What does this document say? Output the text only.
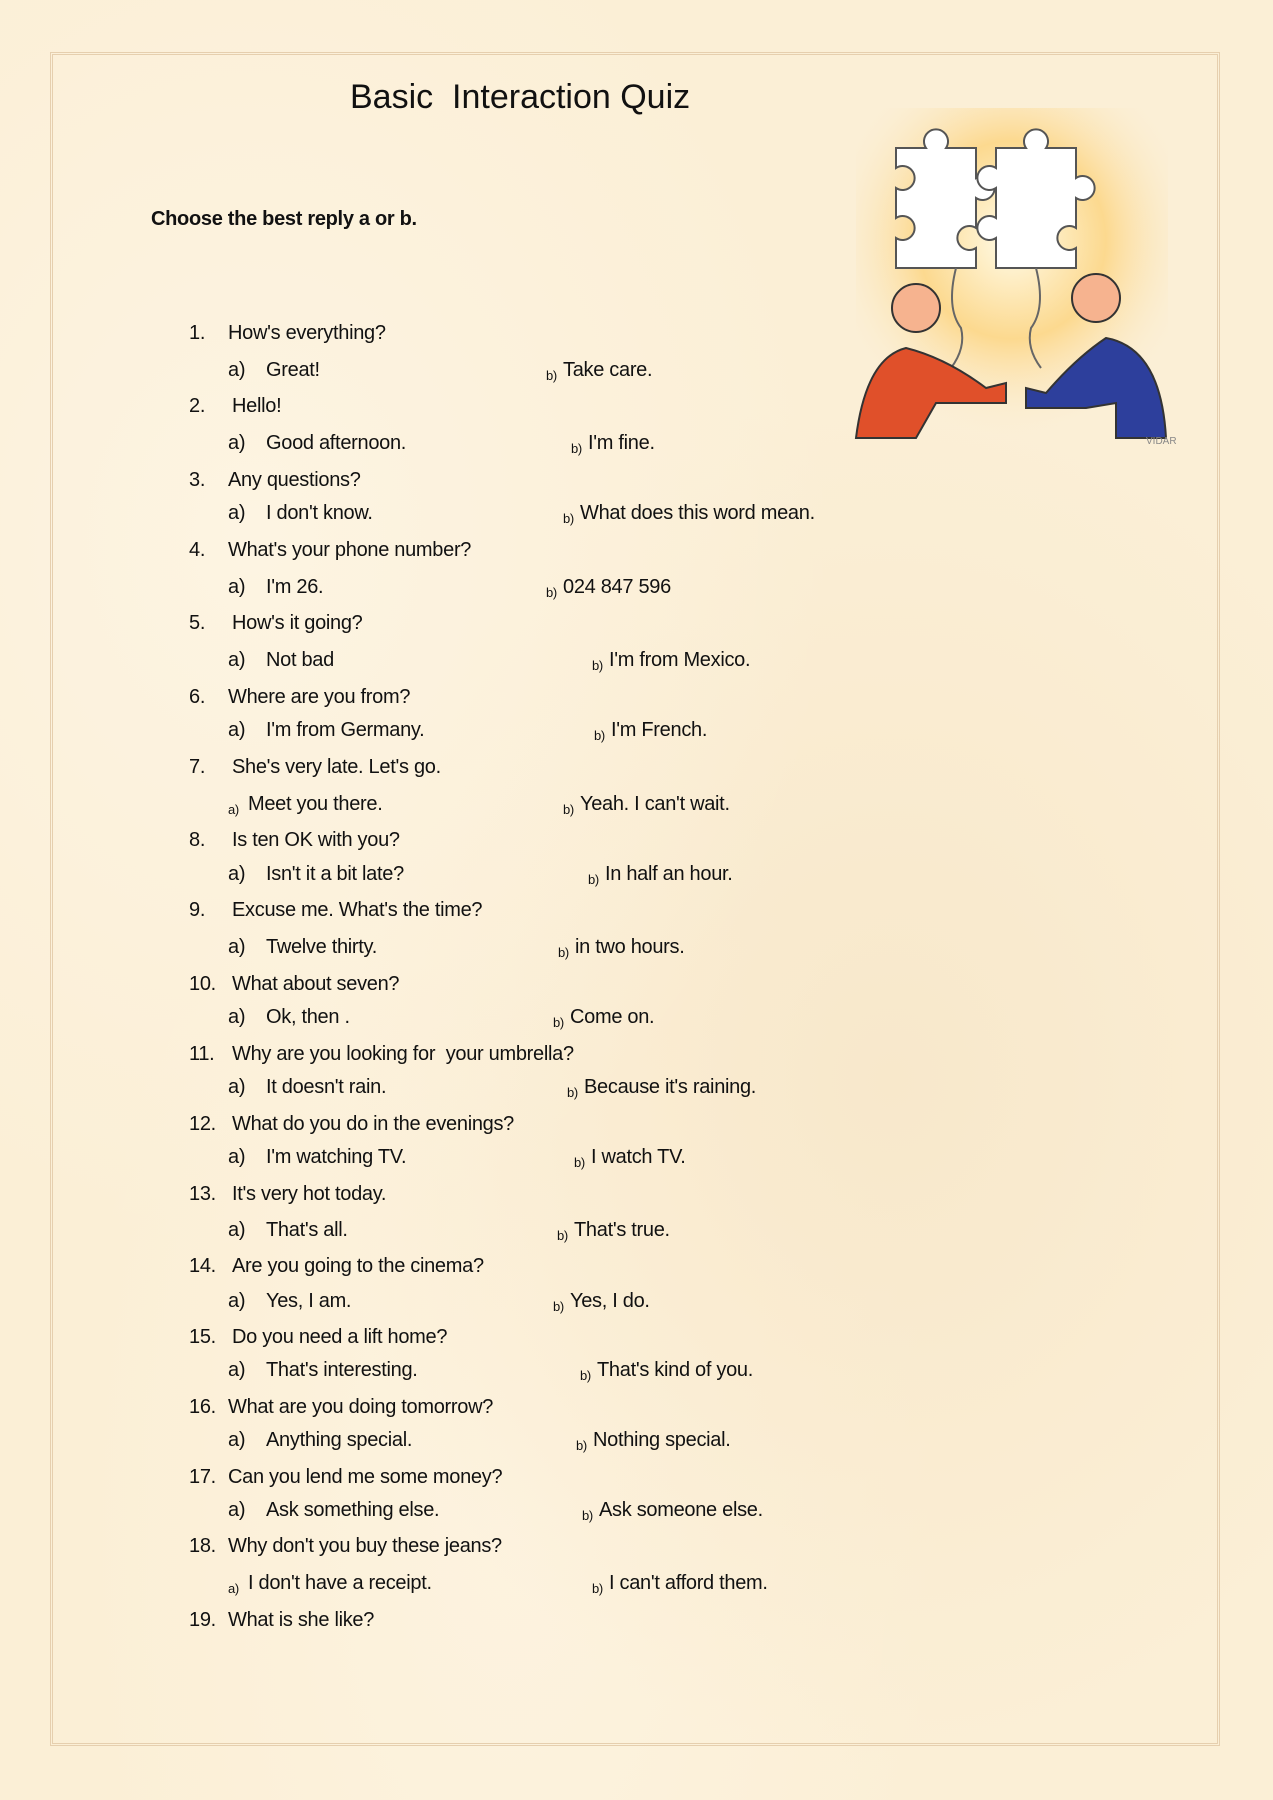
Basic  Interaction Quiz
Choose the best reply a or b.
VIDAR
1. How's everything?
a) Great!	b) Take care.
2. Hello!
a) Good afternoon.	b) I'm fine.
3. Any questions?
a) I don't know.	b) What does this word mean.
4. What's your phone number?
a) I'm 26.	b) 024 847 596
5. How's it going?
a) Not bad	b) I'm from Mexico.
6. Where are you from?
a) I'm from Germany.	b) I'm French.
7. She's very late. Let's go.
a) Meet you there.	b) Yeah. I can't wait.
8. Is ten OK with you?
a) Isn't it a bit late?	b) In half an hour.
9. Excuse me. What's the time?
a) Twelve thirty.	b) in two hours.
10. What about seven?
a) Ok, then .	b) Come on.
11. Why are you looking for  your umbrella?
a) It doesn't rain.	b) Because it's raining.
12. What do you do in the evenings?
a) I'm watching TV.	b) I watch TV.
13. It's very hot today.
a) That's all.	b) That's true.
14. Are you going to the cinema?
a) Yes, I am.	b) Yes, I do.
15. Do you need a lift home?
a) That's interesting.	b) That's kind of you.
16. What are you doing tomorrow?
a) Anything special.	b) Nothing special.
17. Can you lend me some money?
a) Ask something else.	b) Ask someone else.
18. Why don't you buy these jeans?
a) I don't have a receipt.	b) I can't afford them.
19. What is she like?
